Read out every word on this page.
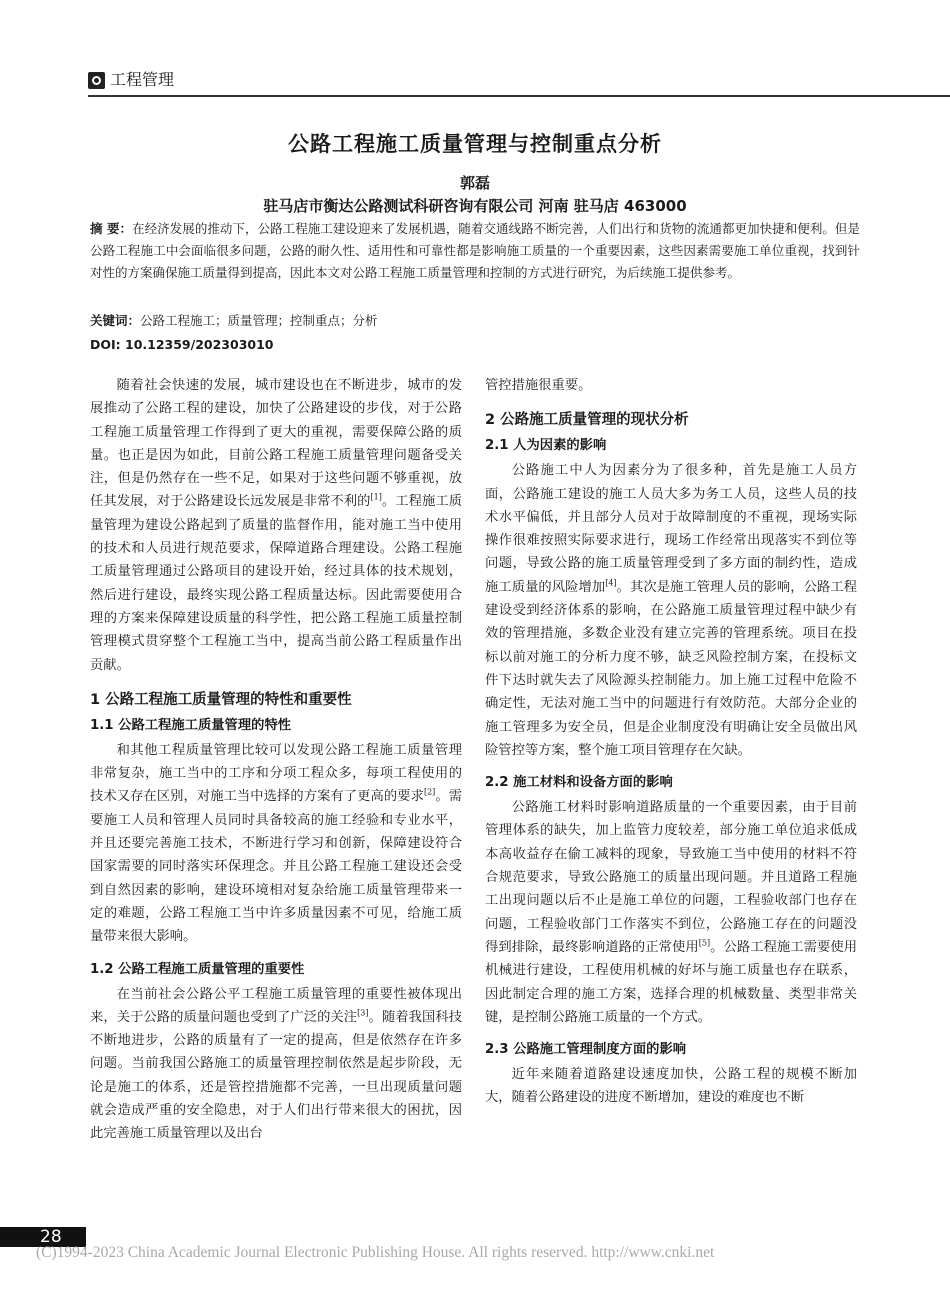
工程管理
公路工程施工质量管理与控制重点分析
郭磊
驻马店市衡达公路测试科研咨询有限公司 河南 驻马店 463000
摘 要：在经济发展的推动下，公路工程施工建设迎来了发展机遇，随着交通线路不断完善，人们出行和货物的流通都更加快捷和便利。但是公路工程施工中会面临很多问题，公路的耐久性、适用性和可靠性都是影响施工质量的一个重要因素，这些因素需要施工单位重视，找到针对性的方案确保施工质量得到提高，因此本文对公路工程施工质量管理和控制的方式进行研究，为后续施工提供参考。
关键词：公路工程施工；质量管理；控制重点；分析
DOI: 10.12359/202303010

随着社会快速的发展，城市建设也在不断进步，城市的发展推动了公路工程的建设，加快了公路建设的步伐，对于公路工程施工质量管理工作得到了更大的重视，需要保障公路的质量。也正是因为如此，目前公路工程施工质量管理问题备受关注，但是仍然存在一些不足，如果对于这些问题不够重视，放任其发展，对于公路建设长远发展是非常不利的[1]。工程施工质量管理为建设公路起到了质量的监督作用，能对施工当中使用的技术和人员进行规范要求，保障道路合理建设。公路工程施工质量管理通过公路项目的建设开始，经过具体的技术规划，然后进行建设，最终实现公路工程质量达标。因此需要使用合理的方案来保障建设质量的科学性，把公路工程施工质量控制管理模式贯穿整个工程施工当中，提高当前公路工程质量作出贡献。

1 公路工程施工质量管理的特性和重要性
1.1 公路工程施工质量管理的特性

和其他工程质量管理比较可以发现公路工程施工质量管理非常复杂，施工当中的工序和分项工程众多，每项工程使用的技术又存在区别，对施工当中选择的方案有了更高的要求[2]。需要施工人员和管理人员同时具备较高的施工经验和专业水平，并且还要完善施工技术，不断进行学习和创新，保障建设符合国家需要的同时落实环保理念。并且公路工程施工建设还会受到自然因素的影响，建设环境相对复杂给施工质量管理带来一定的难题，公路工程施工当中许多质量因素不可见，给施工质量带来很大影响。

1.2 公路工程施工质量管理的重要性

在当前社会公路公平工程施工质量管理的重要性被体现出来，关于公路的质量问题也受到了广泛的关注[3]。随着我国科技不断地进步，公路的质量有了一定的提高，但是依然存在许多问题。当前我国公路施工的质量管理控制依然是起步阶段，无论是施工的体系，还是管控措施都不完善，一旦出现质量问题就会造成严重的安全隐患，对于人们出行带来很大的困扰，因此完善施工质量管理以及出台

管控措施很重要。

2 公路施工质量管理的现状分析
2.1 人为因素的影响

公路施工中人为因素分为了很多种，首先是施工人员方面，公路施工建设的施工人员大多为务工人员，这些人员的技术水平偏低，并且部分人员对于故障制度的不重视，现场实际操作很难按照实际要求进行，现场工作经常出现落实不到位等问题，导致公路的施工质量管理受到了多方面的制约性，造成施工质量的风险增加[4]。其次是施工管理人员的影响，公路工程建设受到经济体系的影响，在公路施工质量管理过程中缺少有效的管理措施，多数企业没有建立完善的管理系统。项目在投标以前对施工的分析力度不够，缺乏风险控制方案，在投标文件下达时就失去了风险源头控制能力。加上施工过程中危险不确定性，无法对施工当中的问题进行有效防范。大部分企业的施工管理多为安全员，但是企业制度没有明确让安全员做出风险管控等方案，整个施工项目管理存在欠缺。

2.2 施工材料和设备方面的影响

公路施工材料时影响道路质量的一个重要因素，由于目前管理体系的缺失，加上监管力度较差，部分施工单位追求低成本高收益存在偷工减料的现象，导致施工当中使用的材料不符合规范要求，导致公路施工的质量出现问题。并且道路工程施工出现问题以后不止是施工单位的问题，工程验收部门也存在问题，工程验收部门工作落实不到位，公路施工存在的问题没得到排除，最终影响道路的正常使用[5]。公路工程施工需要使用机械进行建设，工程使用机械的好坏与施工质量也存在联系，因此制定合理的施工方案，选择合理的机械数量、类型非常关键，是控制公路施工质量的一个方式。

2.3 公路施工管理制度方面的影响

近年来随着道路建设速度加快，公路工程的规模不断加大，随着公路建设的进度不断增加，建设的难度也不断

28
(C)1994-2023 China Academic Journal Electronic Publishing House. All rights reserved. http://www.cnki.net
